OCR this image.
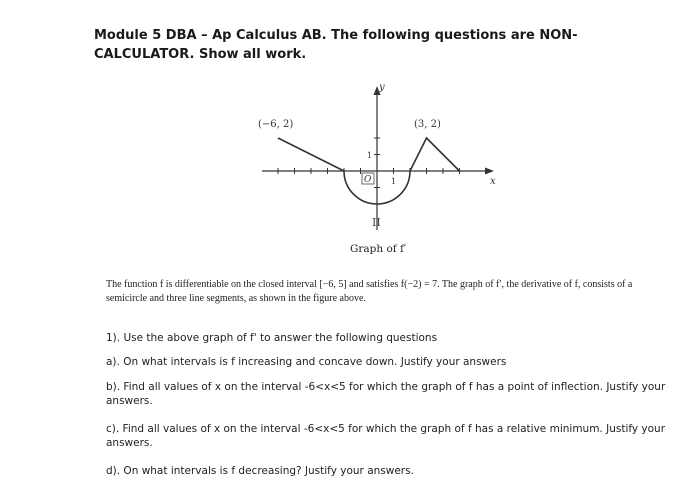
Module 5 DBA – Ap Calculus AB. The following questions are NON-CALCULATOR. Show all work.
y
x
(−6, 2)	(3, 2)
O
1
1
II
Graph of f′
The function f is differentiable on the closed interval [−6, 5] and satisfies f(−2) = 7. The graph of f′, the derivative of f, consists of a semicircle and three line segments, as shown in the figure above.
1). Use the above graph of f' to answer the following questions
a). On what intervals is f increasing and concave down. Justify your answers
b). Find all values of x on the interval -6<x<5 for which the graph of f has a point of inflection. Justify your answers.
c). Find all values of x on the interval -6<x<5 for which the graph of f has a relative minimum. Justify your answers.
d). On what intervals is f decreasing? Justify your answers.
